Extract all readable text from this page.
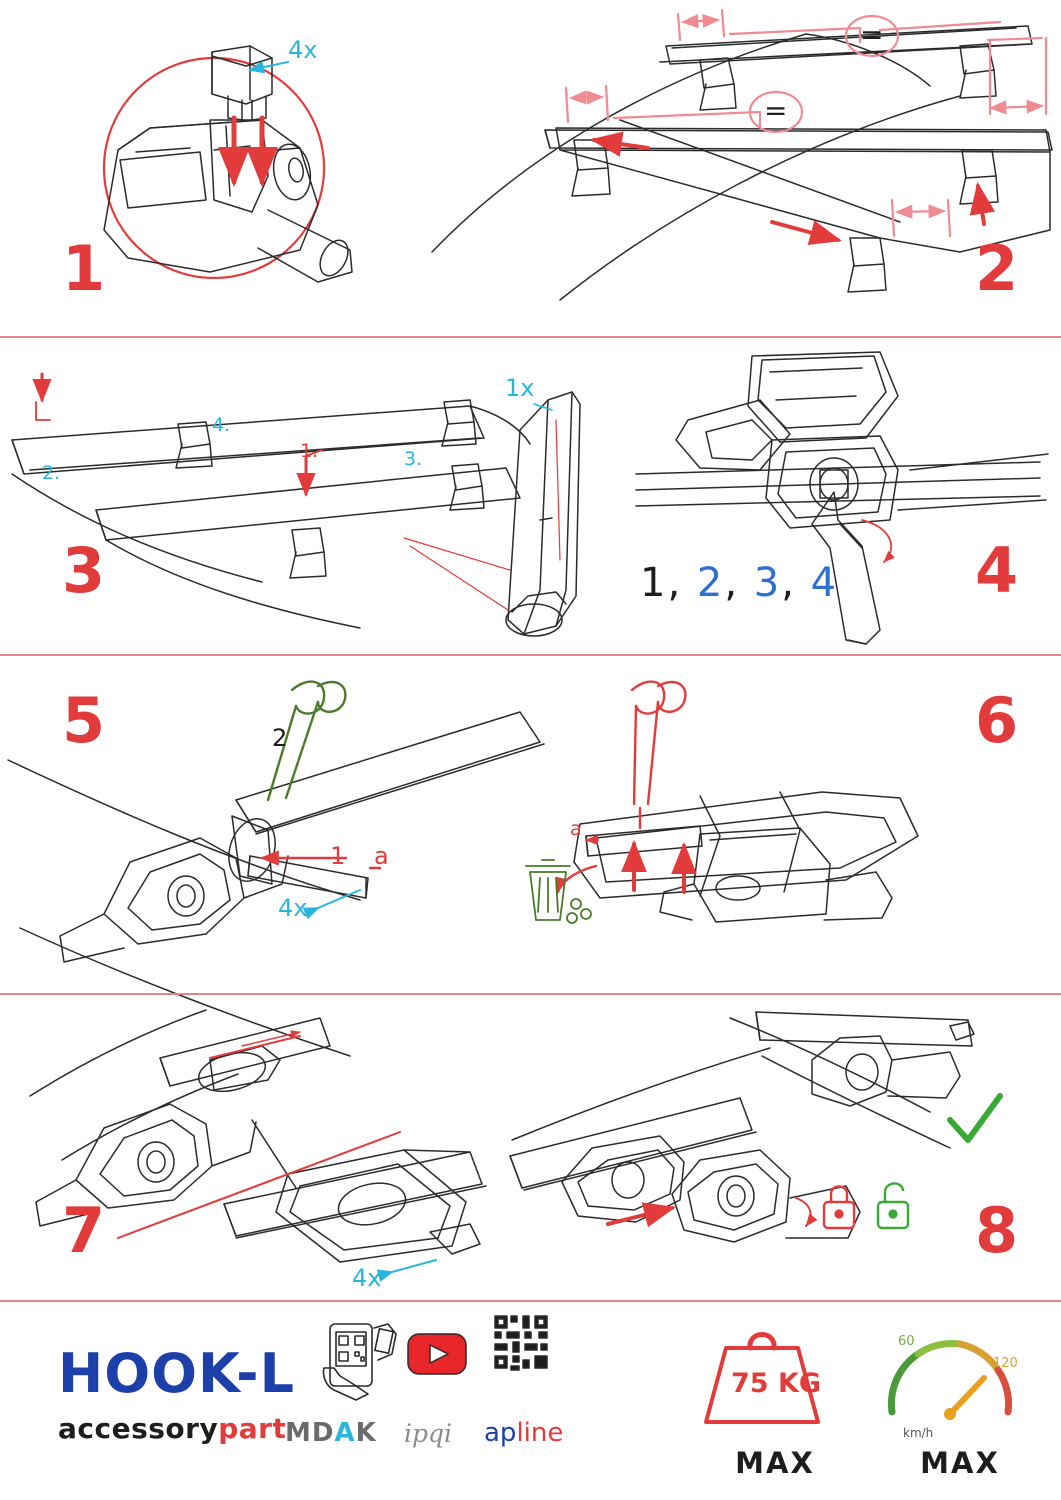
1	2
3	4
5	6
7	8
4x	=
=
1.
2.
3.
4.
1x
1, 2, 3, 4
1
2
a
4x
a
4x
HOOK-L
accessorypart
MDAK ipqi apline
75 KG
MAX	MAX
km/h
60
120
